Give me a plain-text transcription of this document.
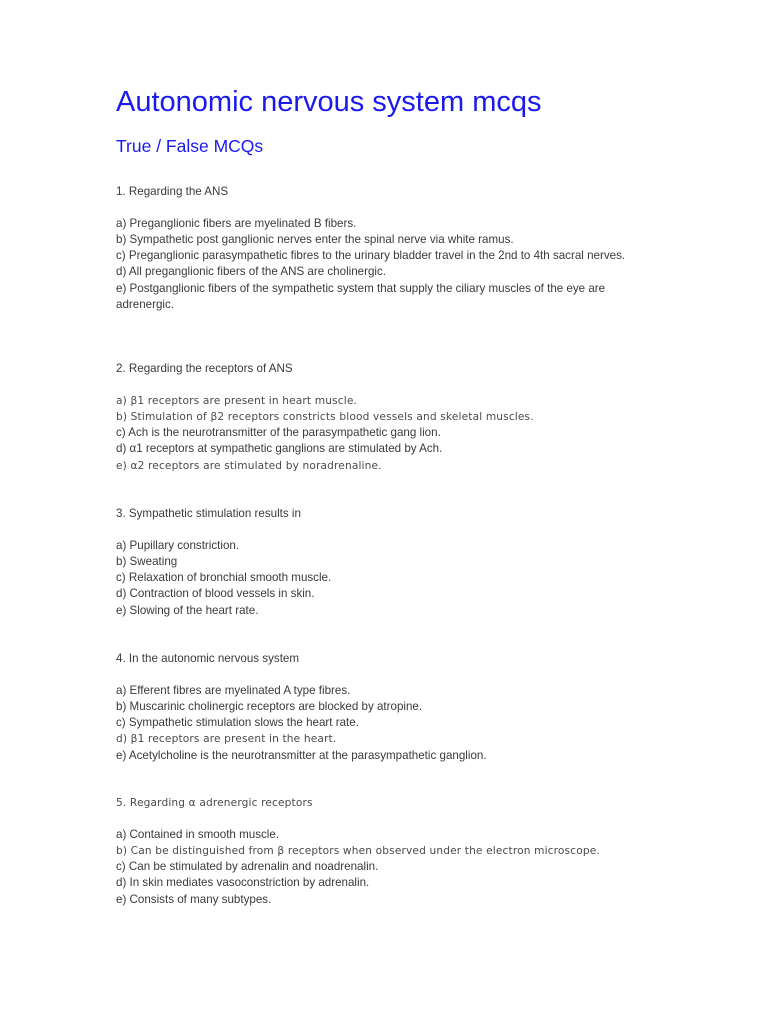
Autonomic nervous system mcqs
True / False MCQs

1. Regarding the ANS

a) Preganglionic fibers are myelinated B fibers.
b) Sympathetic post ganglionic nerves enter the spinal nerve via white ramus.
c) Preganglionic parasympathetic fibres to the urinary bladder travel in the 2nd to 4th sacral nerves.
d) All preganglionic fibers of the ANS are cholinergic.
e) Postganglionic fibers of the sympathetic system that supply the ciliary muscles of the eye are adrenergic.

2. Regarding the receptors of ANS

a) β1 receptors are present in heart muscle.
b) Stimulation of β2 receptors constricts blood vessels and skeletal muscles.
c) Ach is the neurotransmitter of the parasympathetic gang lion.
d) α1 receptors at sympathetic ganglions are stimulated by Ach.
e) α2 receptors are stimulated by noradrenaline.

3. Sympathetic stimulation results in

a) Pupillary constriction.
b) Sweating
c) Relaxation of bronchial smooth muscle.
d) Contraction of blood vessels in skin.
e) Slowing of the heart rate.

4. In the autonomic nervous system

a) Efferent fibres are myelinated A type fibres.
b) Muscarinic cholinergic receptors are blocked by atropine.
c) Sympathetic stimulation slows the heart rate.
d) β1 receptors are present in the heart.
e) Acetylcholine is the neurotransmitter at the parasympathetic ganglion.

5. Regarding α adrenergic receptors

a) Contained in smooth muscle.
b) Can be distinguished from β receptors when observed under the electron microscope.
c) Can be stimulated by adrenalin and noadrenalin.
d) In skin mediates vasoconstriction by adrenalin.
e) Consists of many subtypes.
